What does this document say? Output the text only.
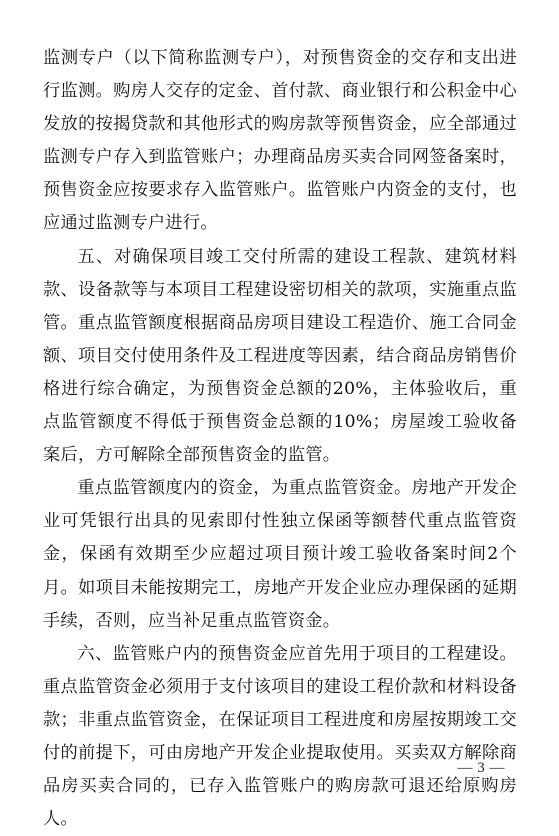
监测专户（以下简称监测专户），对预售资金的交存和支出进行监测。购房人交存的定金、首付款、商业银行和公积金中心发放的按揭贷款和其他形式的购房款等预售资金，应全部通过监测专户存入到监管账户；办理商品房买卖合同网签备案时，预售资金应按要求存入监管账户。监管账户内资金的支付，也应通过监测专户进行。

五、对确保项目竣工交付所需的建设工程款、建筑材料款、设备款等与本项目工程建设密切相关的款项，实施重点监管。重点监管额度根据商品房项目建设工程造价、施工合同金额、项目交付使用条件及工程进度等因素，结合商品房销售价格进行综合确定，为预售资金总额的20%，主体验收后，重点监管额度不得低于预售资金总额的10%；房屋竣工验收备案后，方可解除全部预售资金的监管。

重点监管额度内的资金，为重点监管资金。房地产开发企业可凭银行出具的见索即付性独立保函等额替代重点监管资金，保函有效期至少应超过项目预计竣工验收备案时间2个月。如项目未能按期完工，房地产开发企业应办理保函的延期手续，否则，应当补足重点监管资金。

六、监管账户内的预售资金应首先用于项目的工程建设。重点监管资金必须用于支付该项目的建设工程价款和材料设备款；非重点监管资金，在保证项目工程进度和房屋按期竣工交付的前提下，可由房地产开发企业提取使用。买卖双方解除商品房买卖合同的，已存入监管账户的购房款可退还给原购房人。

— 3 —
